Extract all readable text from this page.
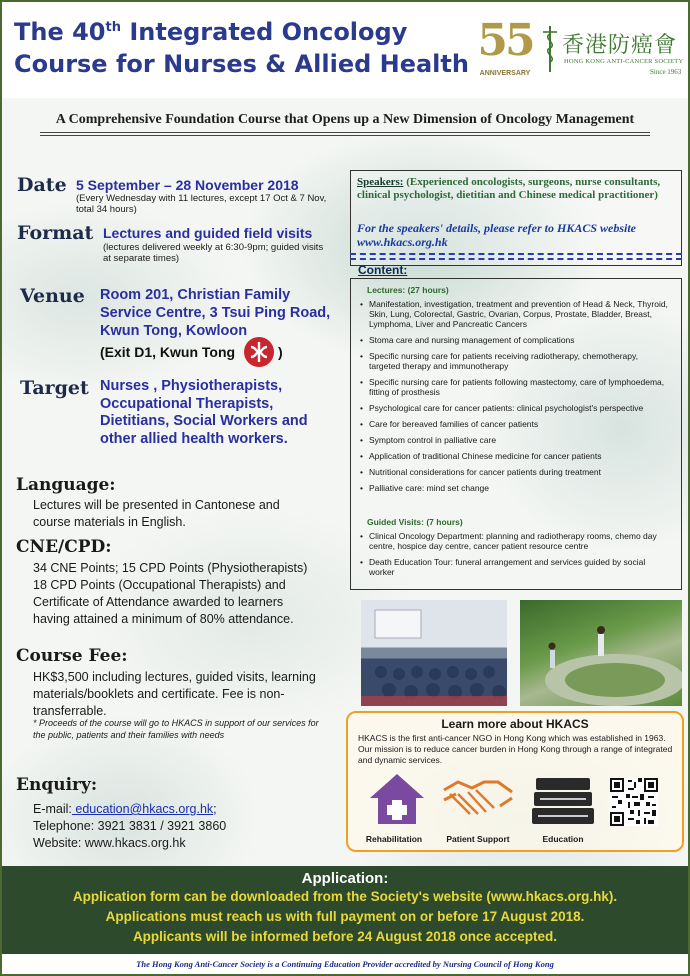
The 40th Integrated Oncology
Course for Nurses & Allied Health 55
ANNIVERSARY
香港防癌會
HONG KONG ANTI-CANCER SOCIETY
Since 1963
A Comprehensive Foundation Course that Opens up a New Dimension of Oncology Management
Date 5 September – 28 November 2018
(Every Wednesday with 11 lectures, except 17 Oct & 7 Nov, total 34 hours)
Format Lectures and guided field visits
(lectures delivered weekly at 6:30-9pm; guided visits at separate times)
Venue Room 201, Christian Family Service Centre, 3 Tsui Ping Road, Kwun Tong, Kowloon
(Exit D1, Kwun Tong	)
Target Nurses , Physiotherapists, Occupational Therapists, Dietitians, Social Workers and other allied health workers.
Language:
Lectures will be presented in Cantonese and course materials in English.
CNE/CPD:
34 CNE Points; 15 CPD Points (Physiotherapists) 18 CPD Points (Occupational Therapists) and Certificate of Attendance awarded to learners having attained a minimum of 80% attendance.
Course Fee:
HK$3,500 including lectures, guided visits, learning materials/booklets and certificate. Fee is non-transferrable.
* Proceeds of the course will go to HKACS in support of our services for the public, patients and their families with needs
Enquiry:
E-mail: education@hkacs.org.hk;
Telephone: 3921 3831 / 3921 3860
Website: www.hkacs.org.hk
Speakers: (Experienced oncologists, surgeons, nurse consultants, clinical psychologist, dietitian and Chinese medical practitioner)
For the speakers' details, please refer to HKACS website www.hkacs.org.hk
Content:
Lectures: (27 hours)
• Manifestation, investigation, treatment and prevention of Head & Neck, Thyroid, Skin, Lung, Colorectal, Gastric, Ovarian, Corpus, Prostate, Bladder, Breast, Lymphoma, Liver and Pancreatic Cancers
• Stoma care and nursing management of complications
• Specific nursing care for patients receiving radiotherapy, chemotherapy, targeted therapy and immunotherapy
• Specific nursing care for patients following mastectomy, care of lymphoedema, fitting of prosthesis
• Psychological care for cancer patients: clinical psychologist's perspective
• Care for bereaved families of cancer patients
• Symptom control in palliative care
• Application of traditional Chinese medicine for cancer patients
• Nutritional considerations for cancer patients during treatment
• Palliative care: mind set change
Guided Visits: (7 hours)
• Clinical Oncology Department: planning and radiotherapy rooms, chemo day centre, hospice day centre, cancer patient resource centre
• Death Education Tour: funeral arrangement and services guided by social worker
Learn more about HKACS
HKACS is the first anti-cancer NGO in Hong Kong which was established in 1963. Our mission is to reduce cancer burden in Hong Kong through a range of integrated and dynamic services.
Rehabilitation	Patient Support	Education
Application:
Application form can be downloaded from the Society's website (www.hkacs.org.hk).
Applications must reach us with full payment on or before 17 August 2018.
Applicants will be informed before 24 August 2018 once accepted.
The Hong Kong Anti-Cancer Society is a Continuing Education Provider accredited by Nursing Council of Hong Kong
